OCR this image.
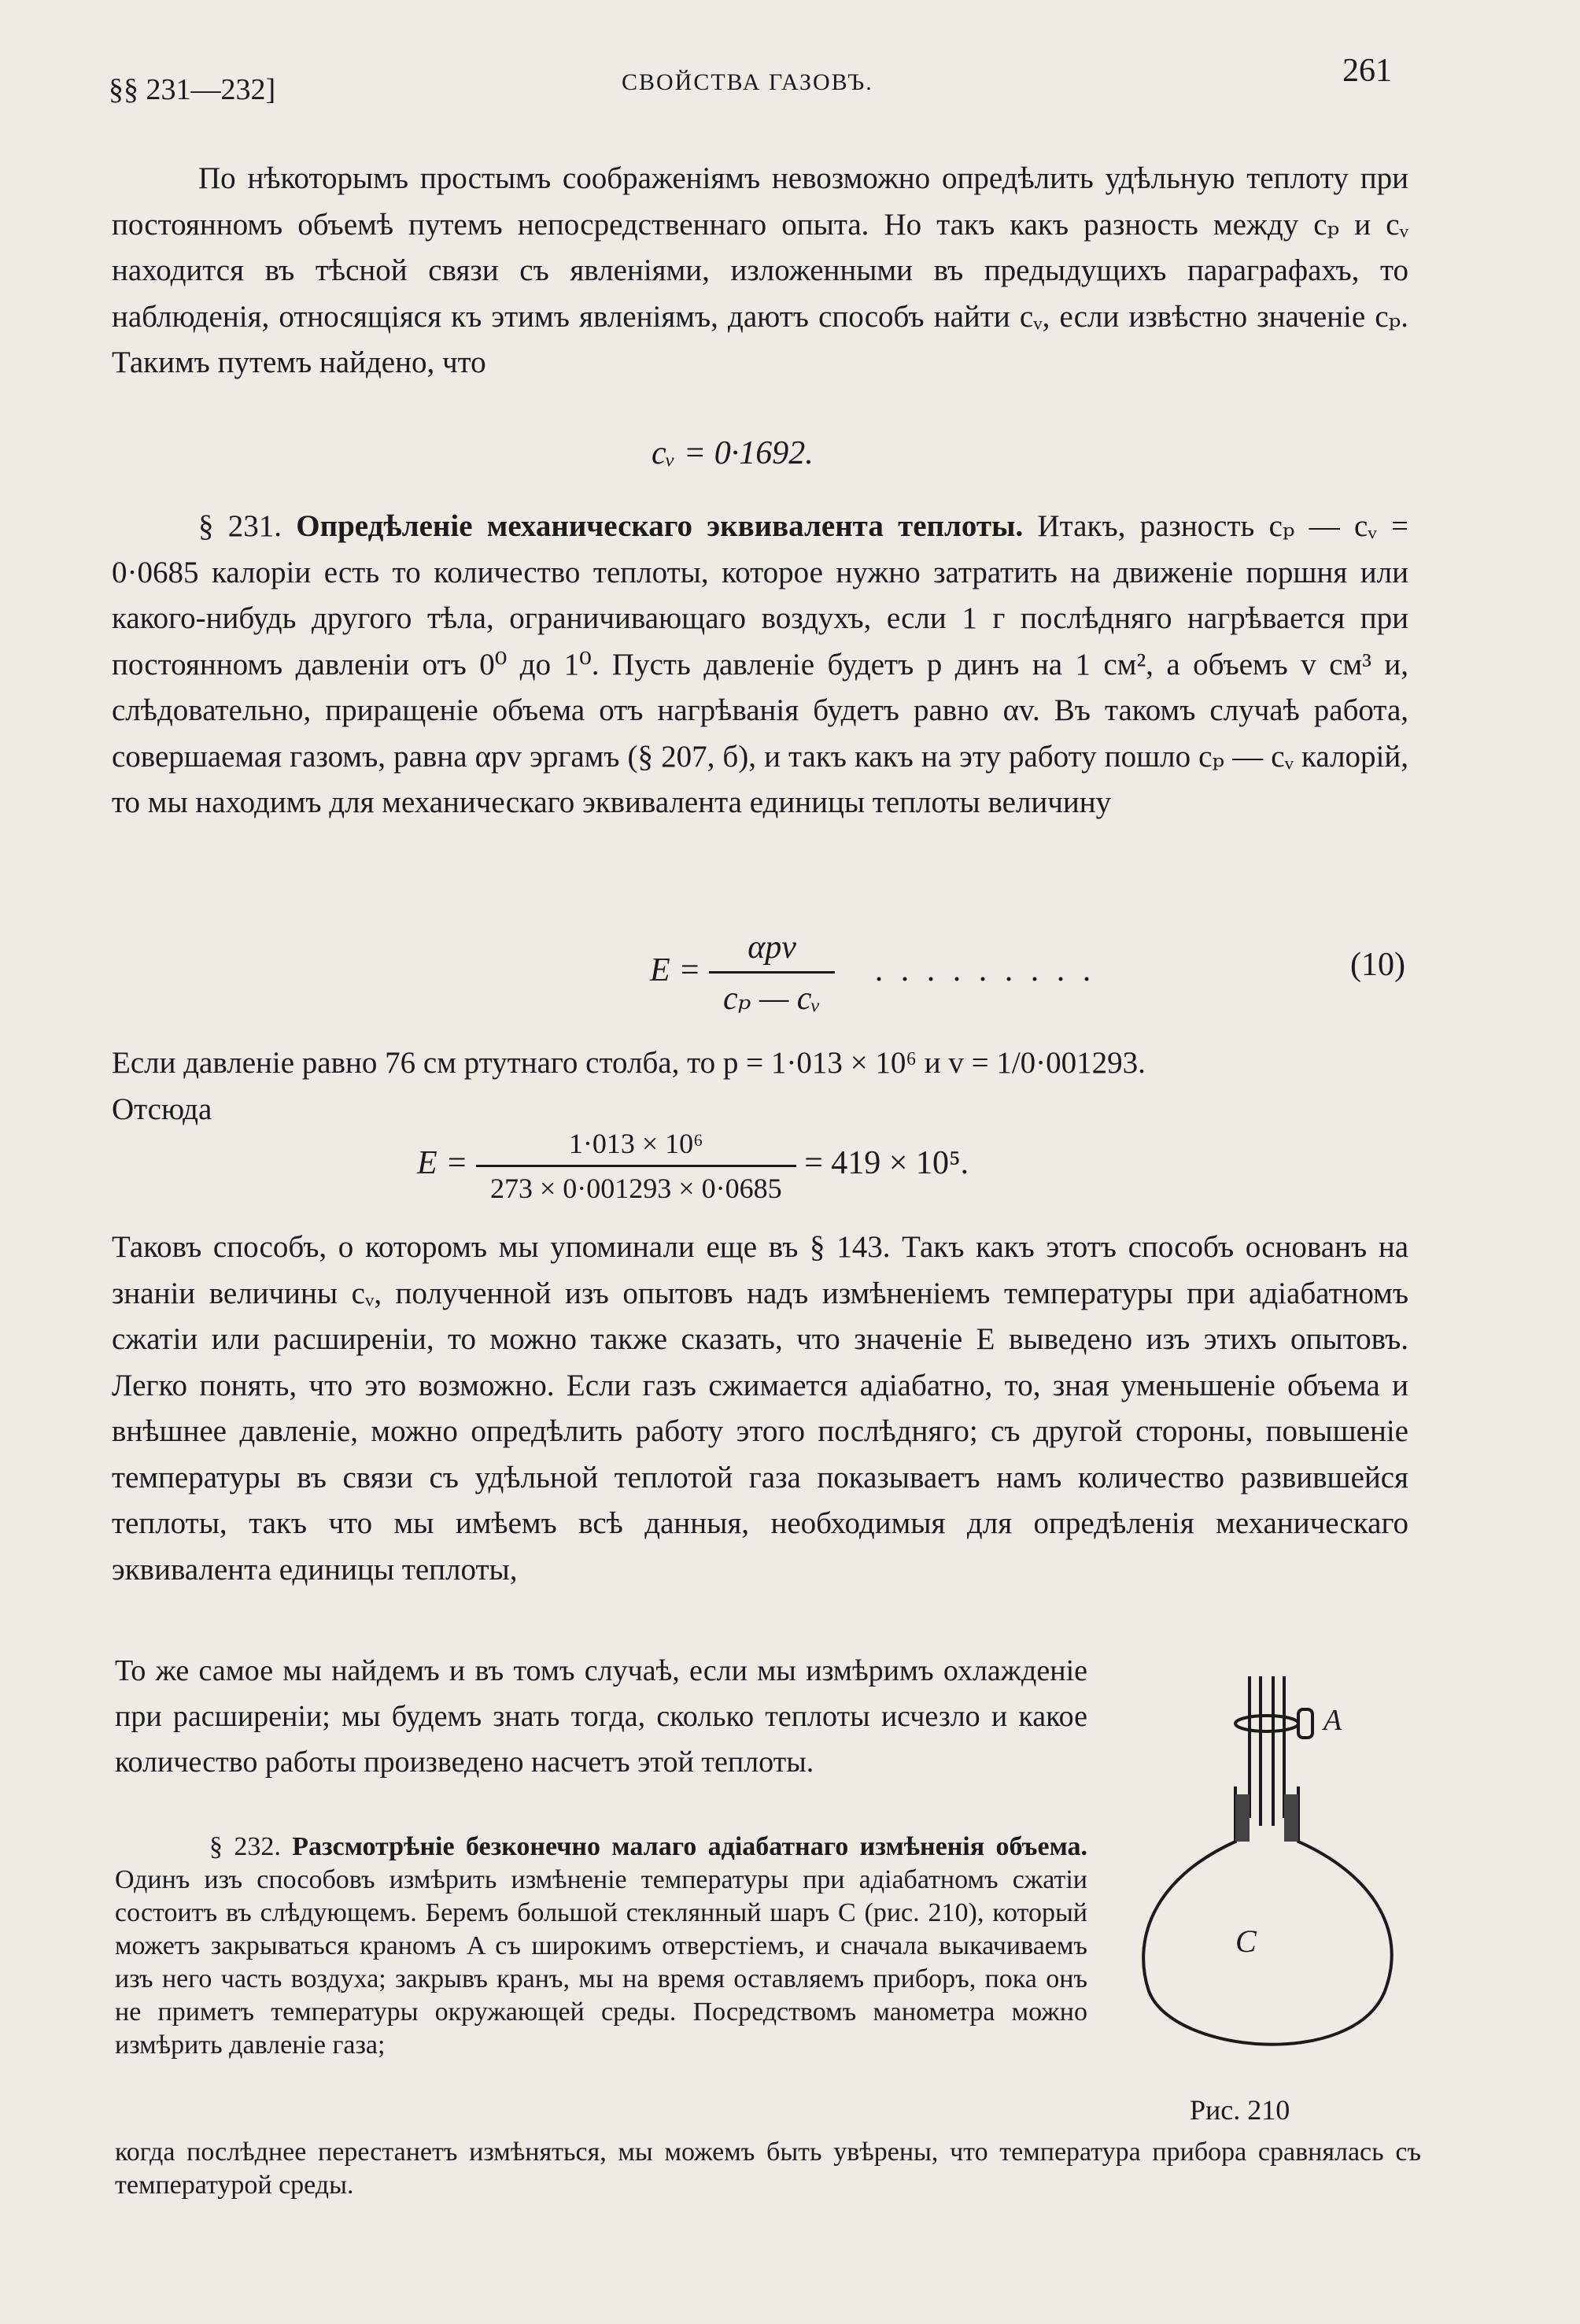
§§ 231—232]	СВОЙСТВА ГАЗОВЪ.	261

По нѣкоторымъ простымъ соображеніямъ невозможно опредѣлить удѣльную теплоту при постоянномъ объемѣ путемъ непосредственнаго опыта. Но такъ какъ разность между cₚ и cᵥ находится въ тѣсной связи съ явленіями, изложенными въ предыдущихъ параграфахъ, то наблюденія, относящіяся къ этимъ явленіямъ, даютъ способъ найти cᵥ, если извѣстно значеніе cₚ. Такимъ путемъ найдено, что

cᵥ = 0·1692.

§ 231. Опредѣленіе механическаго эквивалента теплоты. Итакъ, разность cₚ — cᵥ = 0·0685 калоріи есть то количество теплоты, которое нужно затратить на движеніе поршня или какого-нибудь другого тѣла, ограничивающаго воздухъ, если 1 г послѣдняго нагрѣвается при постоянномъ давленіи отъ 0⁰ до 1⁰. Пусть давленіе будетъ p динъ на 1 см², а объемъ v см³ и, слѣдовательно, приращеніе объема отъ нагрѣванія будетъ равно αv. Въ такомъ случаѣ работа, совершаемая газомъ, равна αpv эргамъ (§ 207, б), и такъ какъ на эту работу пошло cₚ — cᵥ калорій, то мы находимъ для механическаго эквивалента единицы теплоты величину

$E = \frac{\text{αpv}}{\text{cₚ — cᵥ}}$ . . . . . . . . .	(10)

Если давленіе равно 76 см ртутнаго столба, то p = 1·013 × 10⁶ и v = 1/0·001293.

Отсюда

$E = \frac{\text{1·013 × 10⁶}}{273 \times 0\cdot 001293 \times 0\cdot 0685} = 419 \times 10^5$.

Таковъ способъ, о которомъ мы упоминали еще въ § 143. Такъ какъ этотъ способъ основанъ на знаніи величины cᵥ, полученной изъ опытовъ надъ измѣненіемъ температуры при адіабатномъ сжатіи или расширеніи, то можно также сказать, что значеніе E выведено изъ этихъ опытовъ. Легко понять, что это возможно. Если газъ сжимается адіабатно, то, зная уменьшеніе объема и внѣшнее давленіе, можно опредѣлить работу этого послѣдняго; съ другой стороны, повышеніе температуры въ связи съ удѣльной теплотой газа показываетъ намъ количество развившейся теплоты, такъ что мы имѣемъ всѣ данныя, необходимыя для опредѣленія механическаго эквивалента единицы теплоты,

То же самое мы найдемъ и въ томъ случаѣ, если мы измѣримъ охлажденіе при расширеніи; мы будемъ знать тогда, сколько теплоты исчезло и какое количество работы произведено насчетъ этой теплоты.

§ 232. Разсмотрѣніе безконечно малаго адіабатнаго измѣненія объема. Одинъ изъ способовъ измѣрить измѣненіе температуры при адіабатномъ сжатіи состоитъ въ слѣдующемъ. Беремъ большой стеклянный шаръ C (рис. 210), который можетъ закрываться краномъ A съ широкимъ отверстіемъ, и сначала выкачиваемъ изъ него часть воздуха; закрывъ кранъ, мы на время оставляемъ приборъ, пока онъ не приметъ температуры окружающей среды. Посредствомъ манометра можно измѣрить давленіе газа;

когда послѣднее перестанетъ измѣняться, мы можемъ быть увѣрены, что температура прибора сравнялась съ температурой среды.
A
C
Рис. 210
